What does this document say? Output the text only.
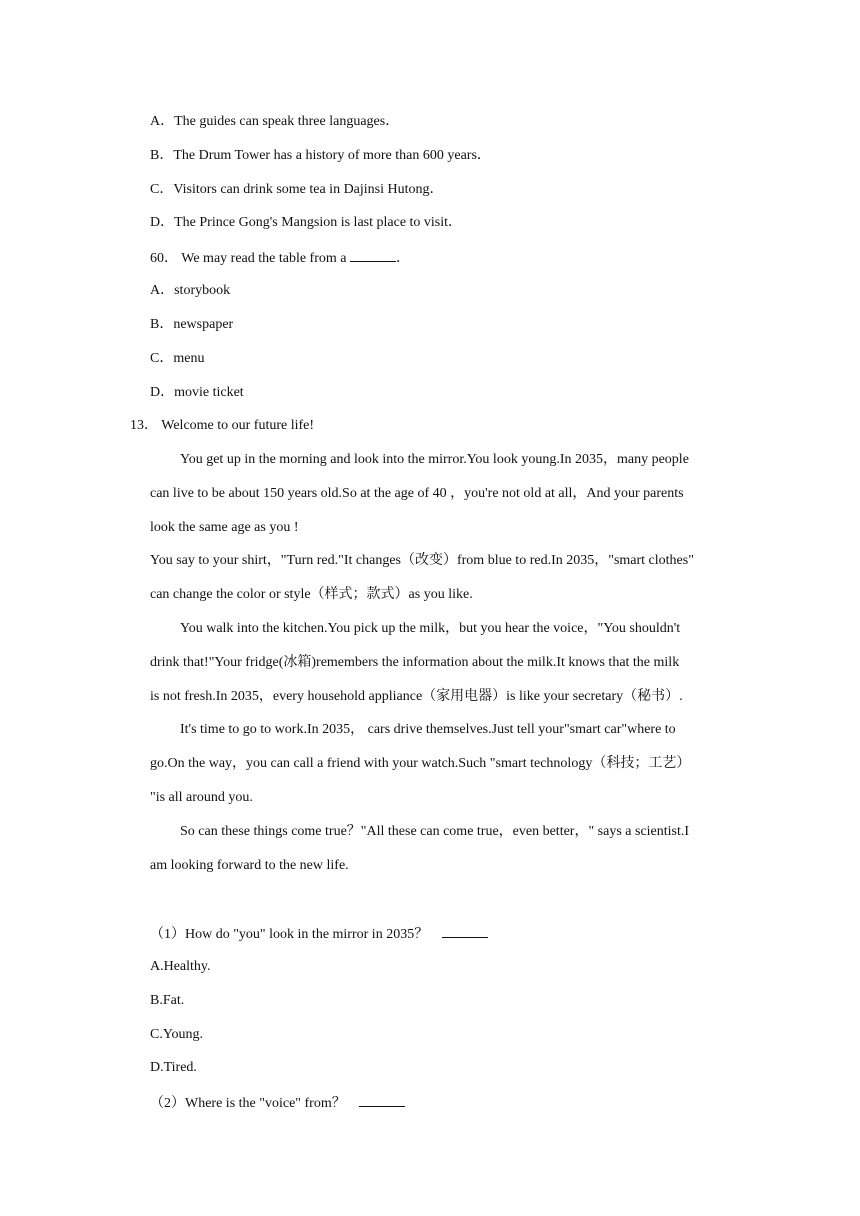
A．The guides can speak three languages．
B．The Drum Tower has a history of more than 600 years．
C．Visitors can drink some tea in Dajinsi Hutong．
D．The Prince Gong's Mangsion is last place to visit．
60． We may read the table from a	．
A．storybook
B．newspaper
C．menu
D．movie ticket
13． Welcome to our future life!
You get up in the morning and look into the mirror.You look young.In 2035，many people
can live to be about 150 years old.So at the age of 40 ，you're not old at all，And your parents
look the same age as you !
You say to your shirt，"Turn red."It changes（改变）from blue to red.In 2035，"smart clothes"
can change the color or style（样式；款式）as you like.
You walk into the kitchen.You pick up the milk，but you hear the voice，"You shouldn't
drink that!"Your fridge(冰箱)remembers the information about the milk.It knows that the milk
is not fresh.In 2035，every household appliance（家用电器）is like your secretary（秘书）.
It's time to go to work.In 2035， cars drive themselves.Just tell your"smart car"where to
go.On the way，you can call a friend with your watch.Such "smart technology（科技；工艺）
"is all around you.
So can these things come true？"All these can come true，even better，" says a scientist.I
am looking forward to the new life.
（1）How do "you" look in the mirror in 2035？
A.Healthy.
B.Fat.
C.Young.
D.Tired.
（2）Where is the "voice" from？
